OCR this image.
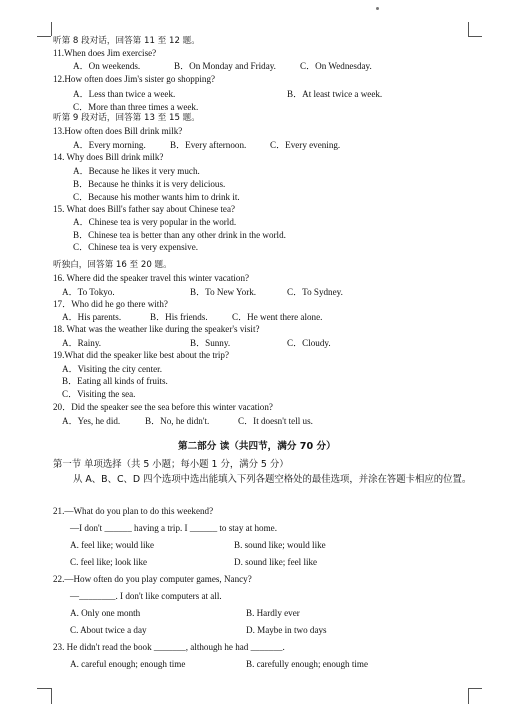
听第 8 段对话，回答第 11 至 12 题。
11.When does Jim exercise?
A．On weekends.	B．On Monday and Friday.	C．On Wednesday.
12.How often does Jim's sister go shopping?
A．Less than twice a week.	B．At least twice a week.
C．More than three times a week.
听第 9 段对话，回答第 13 至 15 题。
13.How often does Bill drink milk?
A．Every morning.	B．Every afternoon.	C．Every evening.
14. Why does Bill drink milk?
A．Because he likes it very much.
B．Because he thinks it is very delicious.
C．Because his mother wants him to drink it.
15. What does Bill's father say about Chinese tea?
A．Chinese tea is very popular in the world.
B．Chinese tea is better than any other drink in the world.
C．Chinese tea is very expensive.
听独白，回答第 16 至 20 题。
16. Where did the speaker travel this winter vacation?
A．To Tokyo.	B．To New York.	C．To Sydney.
17．Who did he go there with?
A．His parents.	B．His friends.	C．He went there alone.
18. What was the weather like during the speaker's visit?
A．Rainy.	B．Sunny.	C．Cloudy.
19.What did the speaker like best about the trip?
A．Visiting the city center.
B．Eating all kinds of fruits.
C．Visiting the sea.
20．Did the speaker see the sea before this winter vacation?
A．Yes, he did.	B．No, he didn't.	C．It doesn't tell us.
第二部分 读（共四节，满分 70 分）
第一节 单项选择（共 5 小题；每小题 1 分，满分 5 分）
从 A、B、C、D 四个选项中选出能填入下列各题空格处的最佳选项，并涂在答题卡相应的位置。
21.—What do you plan to do this weekend?
—I don't ______ having a trip. I ______ to stay at home.
A. feel like; would like	B. sound like; would like
C. feel like; look like	D. sound like; feel like
22.—How often do you play computer games, Nancy?
—________. I don't like computers at all.
A. Only one month	B. Hardly ever
C. About twice a day	D. Maybe in two days
23. He didn't read the book _______, although he had _______.
A. careful enough; enough time	B. carefully enough; enough time
